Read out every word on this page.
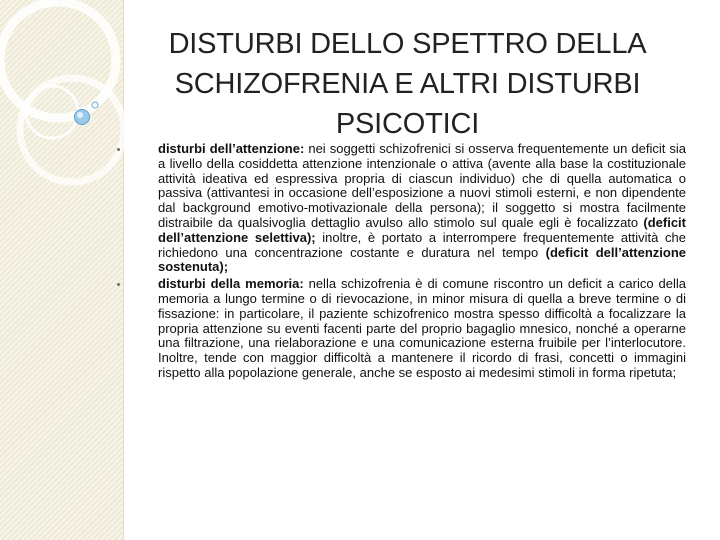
DISTURBI DELLO SPETTRO DELLA
SCHIZOFRENIA E ALTRI DISTURBI
PSICOTICI
disturbi dell’attenzione: nei soggetti schizofrenici si osserva frequentemente un deficit sia a livello della cosiddetta attenzione intenzionale o attiva (avente alla base la costituzionale attività ideativa ed espressiva propria di ciascun individuo) che di quella automatica o passiva (attivantesi in occasione dell’esposizione a nuovi stimoli esterni, e non dipendente dal background emotivo-motivazionale della persona); il soggetto si mostra facilmente distraibile da qualsivoglia dettaglio avulso allo stimolo sul quale egli è focalizzato (deficit dell’attenzione selettiva); inoltre, è portato a interrompere frequentemente attività che richiedono una concentrazione costante e duratura nel tempo (deficit dell’attenzione sostenuta);
disturbi della memoria: nella schizofrenia è di comune riscontro un deficit a carico della memoria a lungo termine o di rievocazione, in minor misura di quella a breve termine o di fissazione: in particolare, il paziente schizofrenico mostra spesso difficoltà a focalizzare la propria attenzione su eventi facenti parte del proprio bagaglio mnesico, nonché a operarne una filtrazione, una rielaborazione e una comunicazione esterna fruibile per l’interlocutore. Inoltre, tende con maggior difficoltà a mantenere il ricordo di frasi, concetti o immagini rispetto alla popolazione generale, anche se esposto ai medesimi stimoli in forma ripetuta;
